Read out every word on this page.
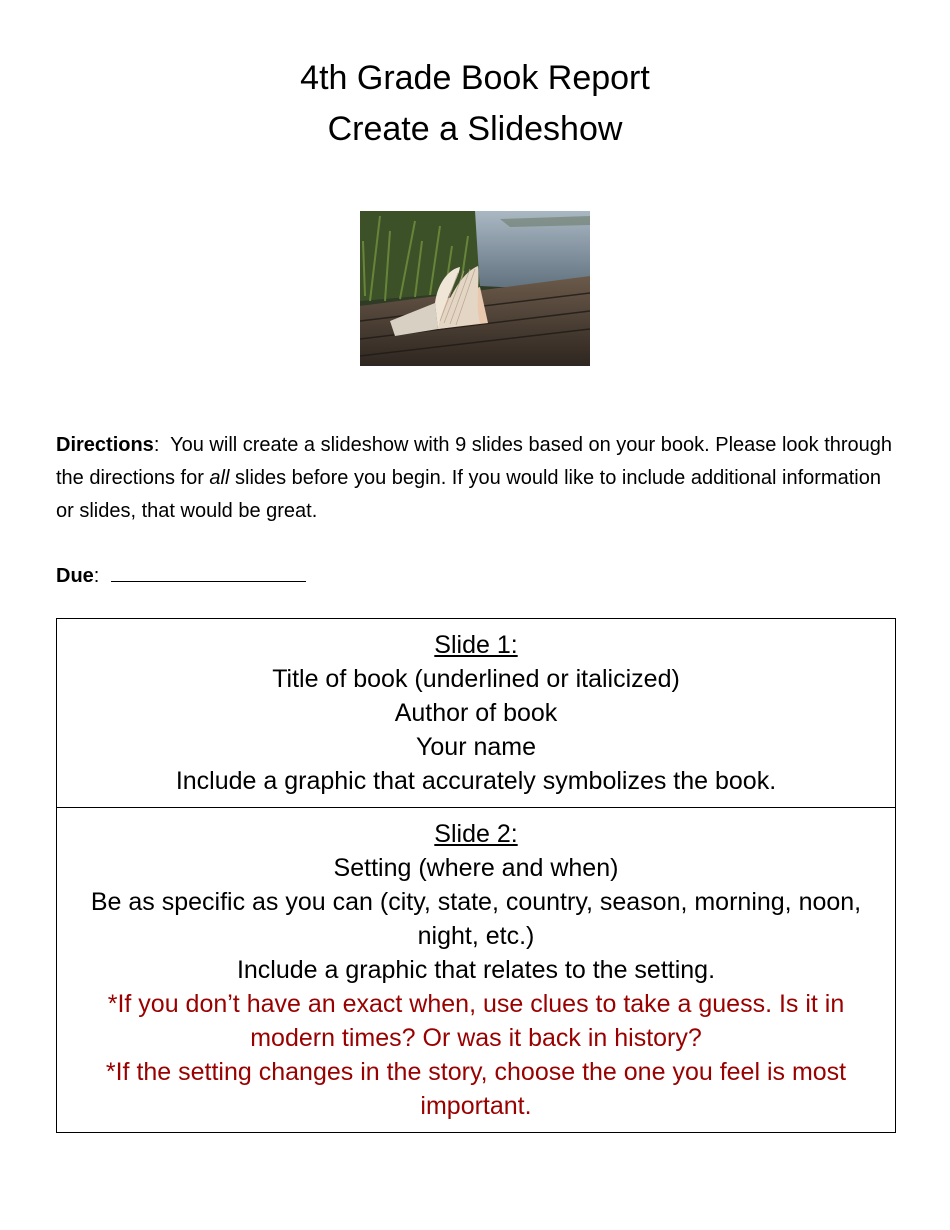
4th Grade Book Report
Create a Slideshow
Directions:  You will create a slideshow with 9 slides based on your book. Please look through the directions for all slides before you begin. If you would like to include additional information or slides, that would be great.
Due:
Slide 1:
Title of book (underlined or italicized)
Author of book
Your name
Include a graphic that accurately symbolizes the book.

Slide 2:
Setting (where and when)
Be as specific as you can (city, state, country, season, morning, noon, night, etc.)
Include a graphic that relates to the setting.
*If you don’t have an exact when, use clues to take a guess. Is it in modern times? Or was it back in history?
*If the setting changes in the story, choose the one you feel is most important.
